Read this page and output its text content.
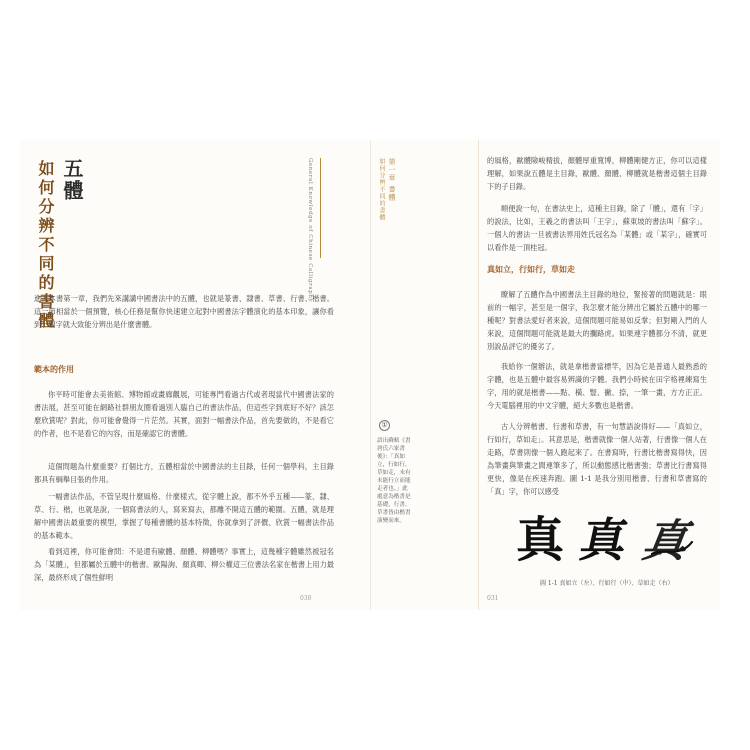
五體
如何分辨不同的書體	General Knowledge of Chinese Calligraphy

進入本書第一章，我們先來講講中國書法中的五體，也就是篆書、隸書、草書、行書、楷書。這一節相當於一個預覽，核心任務是幫你快速建立起對中國書法字體演化的基本印象，讓你看到一幅字就大致能分辨出是什麼書體。

範本的作用

你平時可能會去美術館、博物館或畫廊觀展，可能專門看過古代或者現當代中國書法家的書法展，甚至可能在網路社群朋友圈看過別人臨自己的書法作品，但這些字到底好不好？該怎麼欣賞呢？對此，你可能會覺得一片茫然。其實，面對一幅書法作品，首先要做的，不是看它的作者，也不是看它的內容，而是確認它的書體。

這個問題為什麼重要？打個比方，五體相當於中國書法的主目錄，任何一個學科，主目錄都具有綱舉目張的作用。

一幅書法作品，不管呈現什麼風格、什麼樣式，從字體上說，都不外乎五種——篆、隸、草、行、楷，也就是說，一個寫書法的人，寫來寫去，都離不開這五體的範圍。五體，就是理解中國書法最重要的模型，掌握了每種書體的基本特徵，你就拿到了評價、欣賞一幅書法作品的基本範本。

看到這裡，你可能會問：不是還有歐體、顏體、柳體嗎？事實上，這幾種字體雖然被冠名為「某體」，但都屬於五體中的楷書。歐陽詢、顏真卿、柳公權這三位書法名家在楷書上用力最深，最終形成了個性鮮明

030
第一章 書體
如何分辨不同的書體	的風格，歐體險峻精拔，顏體厚重寬博，柳體剛健方正，你可以這樣理解，如果說五體是主目錄，歐體、顏體、柳體就是楷書這個主目錄下的子目錄。

順便說一句，在書法史上，這種主目錄，除了「體」，還有「字」的說法，比如，王羲之的書法叫「王字」，蘇東坡的書法叫「蘇字」。一個人的書法一旦被書法界用姓氏冠名為「某體」或「某字」，確實可以看作是一頂桂冠。

真如立，行如行，草如走

瞭解了五體作為中國書法主目錄的地位，緊接著的問題就是：眼前的一幅字，甚至是一個字，我怎麼才能分辨出它屬於五體中的哪一種呢？對書法愛好者來說，這個問題可能易如反掌；但對剛入門的人來說，這個問題可能就是最大的攔路虎。如果連字體都分不清，就更別說品評它的優劣了。

我給你一個辦法，就是拿楷書當標竿，因為它是普通人最熟悉的字體，也是五體中最容易辨識的字體。我們小時候在田字格裡練寫生字，用的就是楷書——點、橫、豎、撇、捺，一筆一畫，方方正正。今天電腦裡用的中文字體，絕大多數也是楷書。

古人分辨楷書、行書和草書，有一句慧語說得好——「真如立，行如行，草如走」。其意思是，楷書就像一個人站著，行書像一個人在走路，草書則像一個人跑起來了。在書寫時，行書比楷書寫得快，因為筆畫與筆畫之間連筆多了，所以動態感比楷書強；草書比行書寫得更快，像是在疾速奔跑。圖 1-1 是我分別用楷書、行書和草書寫的「真」字，你可以感受

①
語出蘇軾《書唐氏六家書後》：「真如立，行如行，草如走，未有未能行立而能走者也。」此處意為楷書是基礎，行書、草書皆由楷書演變而來。 真 真 真
圖 1-1 真如立（左）、行如行（中）、草如走（右）
031
